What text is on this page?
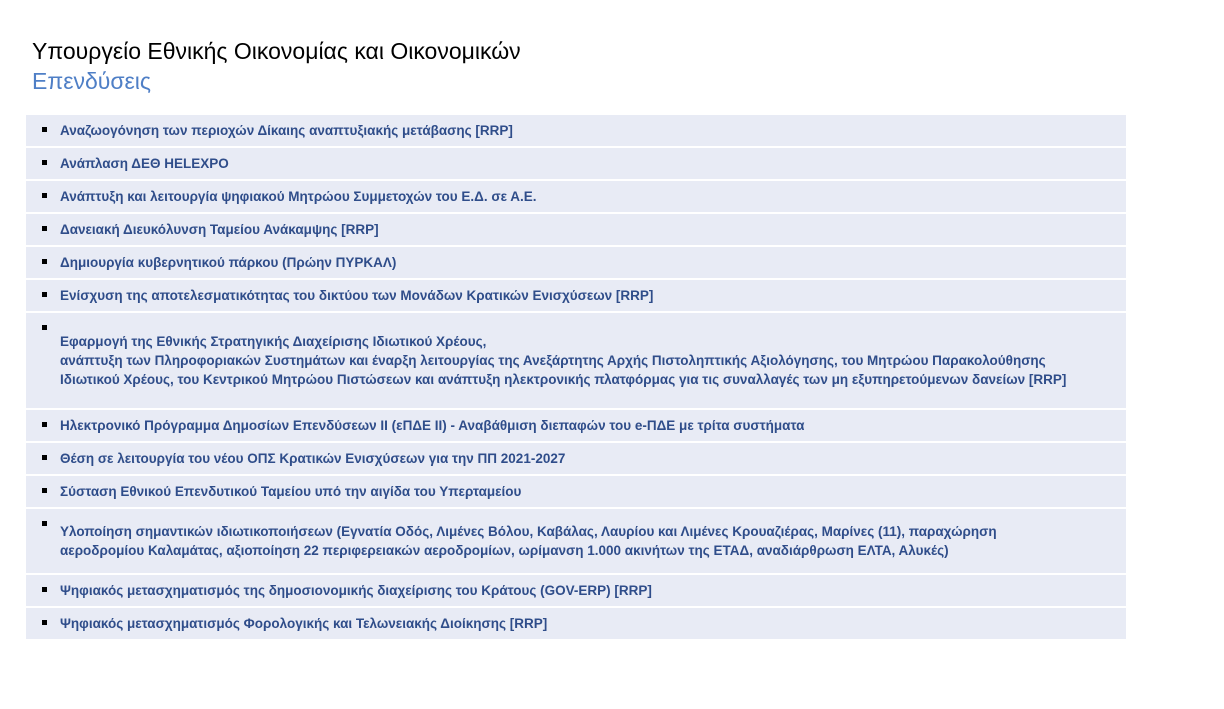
Υπουργείο Εθνικής Οικονομίας και Οικονομικών
Επενδύσεις
Αναζωογόνηση των περιοχών Δίκαιης αναπτυξιακής μετάβασης [RRP]
Ανάπλαση ΔΕΘ HELEXPO
Ανάπτυξη και λειτουργία ψηφιακού Μητρώου Συμμετοχών του Ε.Δ. σε Α.Ε.
Δανειακή Διευκόλυνση Ταμείου Ανάκαμψης [RRP]
Δημιουργία κυβερνητικού πάρκου (Πρώην ΠΥΡΚΑΛ)
Ενίσχυση της αποτελεσματικότητας του δικτύου των Μονάδων Κρατικών Ενισχύσεων [RRP]
Εφαρμογή της Εθνικής Στρατηγικής Διαχείρισης Ιδιωτικού Χρέους,
ανάπτυξη των Πληροφοριακών Συστημάτων και έναρξη λειτουργίας της Ανεξάρτητης Αρχής Πιστοληπτικής Αξιολόγησης, του Μητρώου Παρακολούθησης
Ιδιωτικού Χρέους, του Κεντρικού Μητρώου Πιστώσεων και ανάπτυξη ηλεκτρονικής πλατφόρμας για τις συναλλαγές των μη εξυπηρετούμενων δανείων [RRP]
Ηλεκτρονικό Πρόγραμμα Δημοσίων Επενδύσεων ΙΙ (εΠΔΕ ΙΙ) - Αναβάθμιση διεπαφών του e-ΠΔΕ με τρίτα συστήματα
Θέση σε λειτουργία του νέου ΟΠΣ Κρατικών Ενισχύσεων για την ΠΠ 2021-2027
Σύσταση Εθνικού Επενδυτικού Ταμείου υπό την αιγίδα του Υπερταμείου
Υλοποίηση σημαντικών ιδιωτικοποιήσεων (Εγνατία Οδός, Λιμένες Βόλου, Καβάλας, Λαυρίου και Λιμένες Κρουαζιέρας, Μαρίνες (11), παραχώρηση
αεροδρομίου Καλαμάτας, αξιοποίηση 22 περιφερειακών αεροδρομίων, ωρίμανση 1.000 ακινήτων της ΕΤΑΔ, αναδιάρθρωση ΕΛΤΑ, Αλυκές)
Ψηφιακός μετασχηματισμός της δημοσιονομικής διαχείρισης του Κράτους (GOV-ERP) [RRP]
Ψηφιακός μετασχηματισμός Φορολογικής και Τελωνειακής Διοίκησης [RRP]
